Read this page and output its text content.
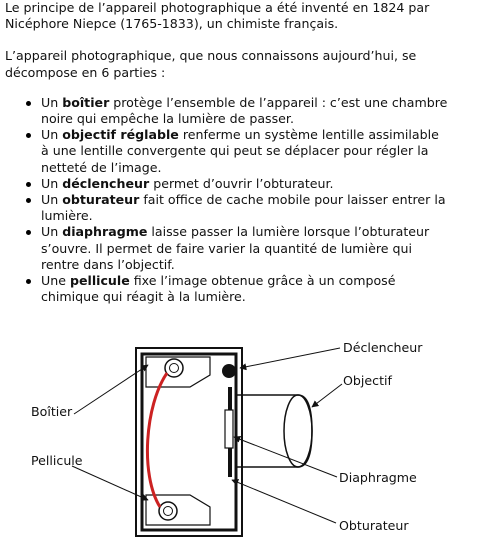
Le principe de l’appareil photographique a été inventé en 1824 par
Nicéphore Niepce (1765-1833), un chimiste français.

L’appareil photographique, que nous connaissons aujourd’hui, se
décompose en 6 parties :

Un boîtier protège l’ensemble de l’appareil : c’est une chambre
noire qui empêche la lumière de passer.
Un objectif réglable renferme un système lentille assimilable
à une lentille convergente qui peut se déplacer pour régler la
netteté de l’image.
Un déclencheur permet d’ouvrir l’obturateur.
Un obturateur fait office de cache mobile pour laisser entrer la
lumière.
Un diaphragme laisse passer la lumière lorsque l’obturateur
s’ouvre. Il permet de faire varier la quantité de lumière qui
rentre dans l’objectif.
Une pellicule fixe l’image obtenue grâce à un composé
chimique qui réagit à la lumière.
Déclencheur
Objectif
Boîtier
Pellicule
Diaphragme
Obturateur
